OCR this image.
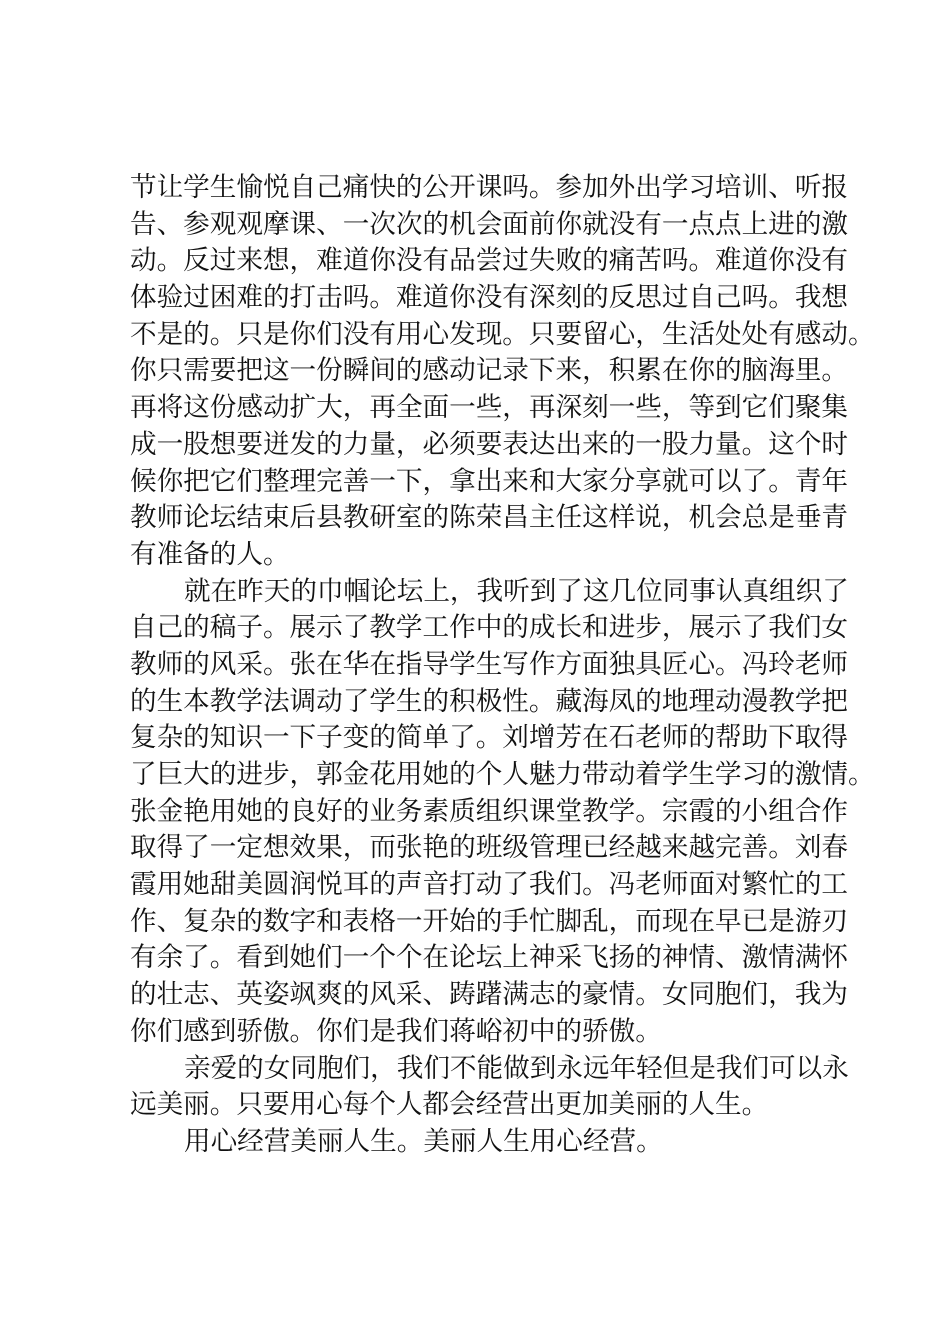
节让学生愉悦自己痛快的公开课吗。参加外出学习培训、听报
告、参观观摩课、一次次的机会面前你就没有一点点上进的激
动。反过来想，难道你没有品尝过失败的痛苦吗。难道你没有
体验过困难的打击吗。难道你没有深刻的反思过自己吗。我想
不是的。只是你们没有用心发现。只要留心，生活处处有感动。
你只需要把这一份瞬间的感动记录下来，积累在你的脑海里。
再将这份感动扩大，再全面一些，再深刻一些，等到它们聚集
成一股想要迸发的力量，必须要表达出来的一股力量。这个时
候你把它们整理完善一下，拿出来和大家分享就可以了。青年
教师论坛结束后县教研室的陈荣昌主任这样说，机会总是垂青
有准备的人。
就在昨天的巾帼论坛上，我听到了这几位同事认真组织了
自己的稿子。展示了教学工作中的成长和进步，展示了我们女
教师的风采。张在华在指导学生写作方面独具匠心。冯玲老师
的生本教学法调动了学生的积极性。藏海凤的地理动漫教学把
复杂的知识一下子变的简单了。刘增芳在石老师的帮助下取得
了巨大的进步，郭金花用她的个人魅力带动着学生学习的激情。
张金艳用她的良好的业务素质组织课堂教学。宗霞的小组合作
取得了一定想效果，而张艳的班级管理已经越来越完善。刘春
霞用她甜美圆润悦耳的声音打动了我们。冯老师面对繁忙的工
作、复杂的数字和表格一开始的手忙脚乱，而现在早已是游刃
有余了。看到她们一个个在论坛上神采飞扬的神情、激情满怀
的壮志、英姿飒爽的风采、踌躇满志的豪情。女同胞们，我为
你们感到骄傲。你们是我们蒋峪初中的骄傲。
亲爱的女同胞们，我们不能做到永远年轻但是我们可以永
远美丽。只要用心每个人都会经营出更加美丽的人生。
用心经营美丽人生。美丽人生用心经营。
